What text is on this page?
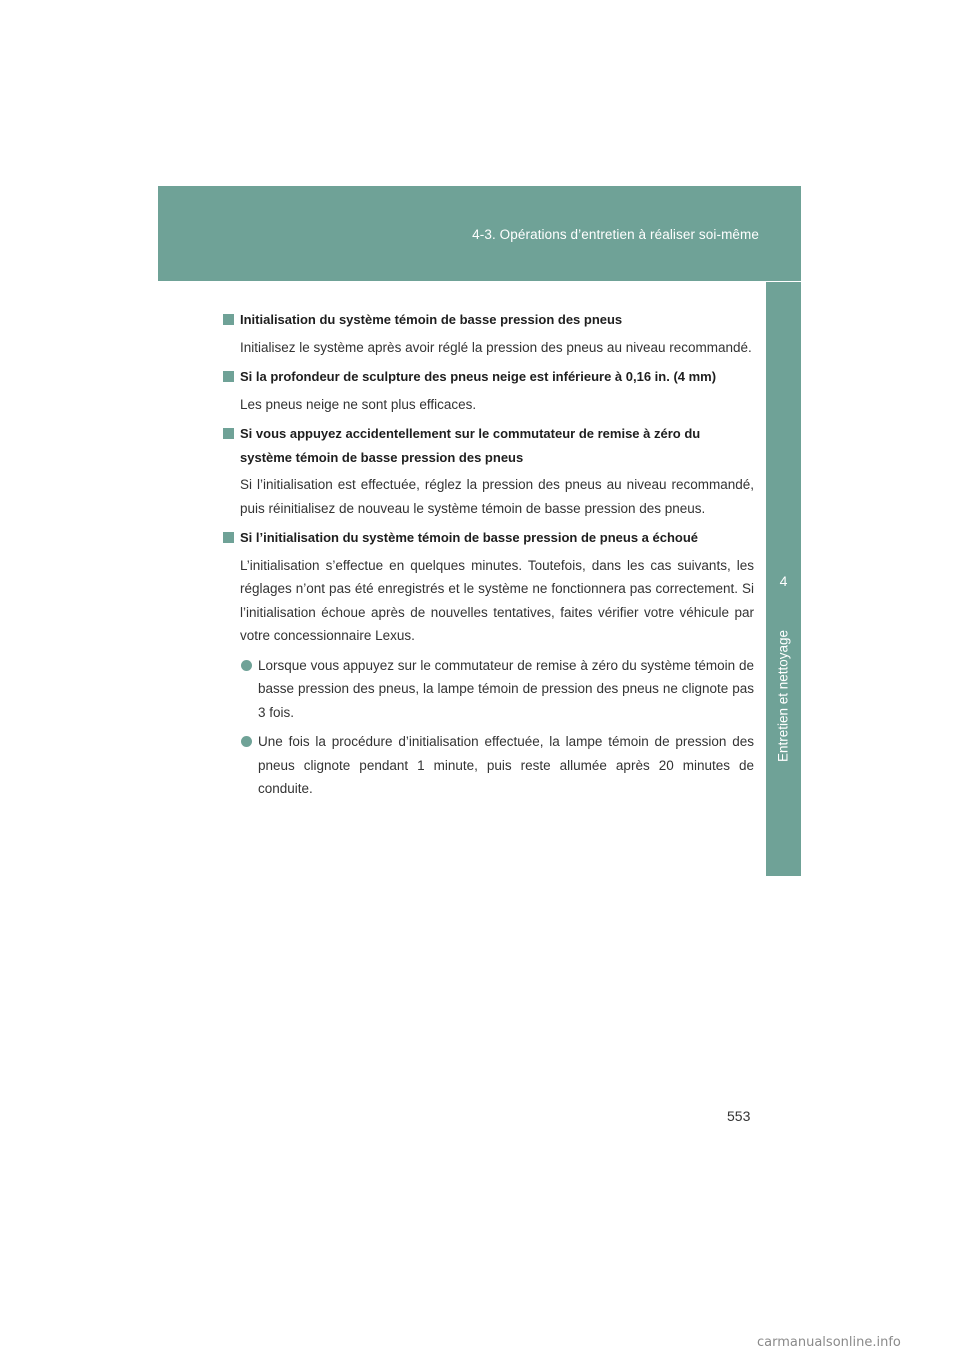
4-3. Opérations d’entretien à réaliser soi-même
4
Entretien et nettoyage
Initialisation du système témoin de basse pression des pneus
Initialisez le système après avoir réglé la pression des pneus au niveau recommandé.
Si la profondeur de sculpture des pneus neige est inférieure à 0,16 in. (4 mm)
Les pneus neige ne sont plus efficaces.
Si vous appuyez accidentellement sur le commutateur de remise à zéro du système témoin de basse pression des pneus
Si l’initialisation est effectuée, réglez la pression des pneus au niveau recommandé, puis réinitialisez de nouveau le système témoin de basse pression des pneus.
Si l’initialisation du système témoin de basse pression de pneus a échoué
L’initialisation s’effectue en quelques minutes. Toutefois, dans les cas suivants, les réglages n’ont pas été enregistrés et le système ne fonctionnera pas correctement. Si l’initialisation échoue après de nouvelles tentatives, faites vérifier votre véhicule par votre concessionnaire Lexus.
Lorsque vous appuyez sur le commutateur de remise à zéro du système témoin de basse pression des pneus, la lampe témoin de pression des pneus ne clignote pas 3 fois.
Une fois la procédure d’initialisation effectuée, la lampe témoin de pression des pneus clignote pendant 1 minute, puis reste allumée après 20 minutes de conduite.
553
carmanualsonline.info
